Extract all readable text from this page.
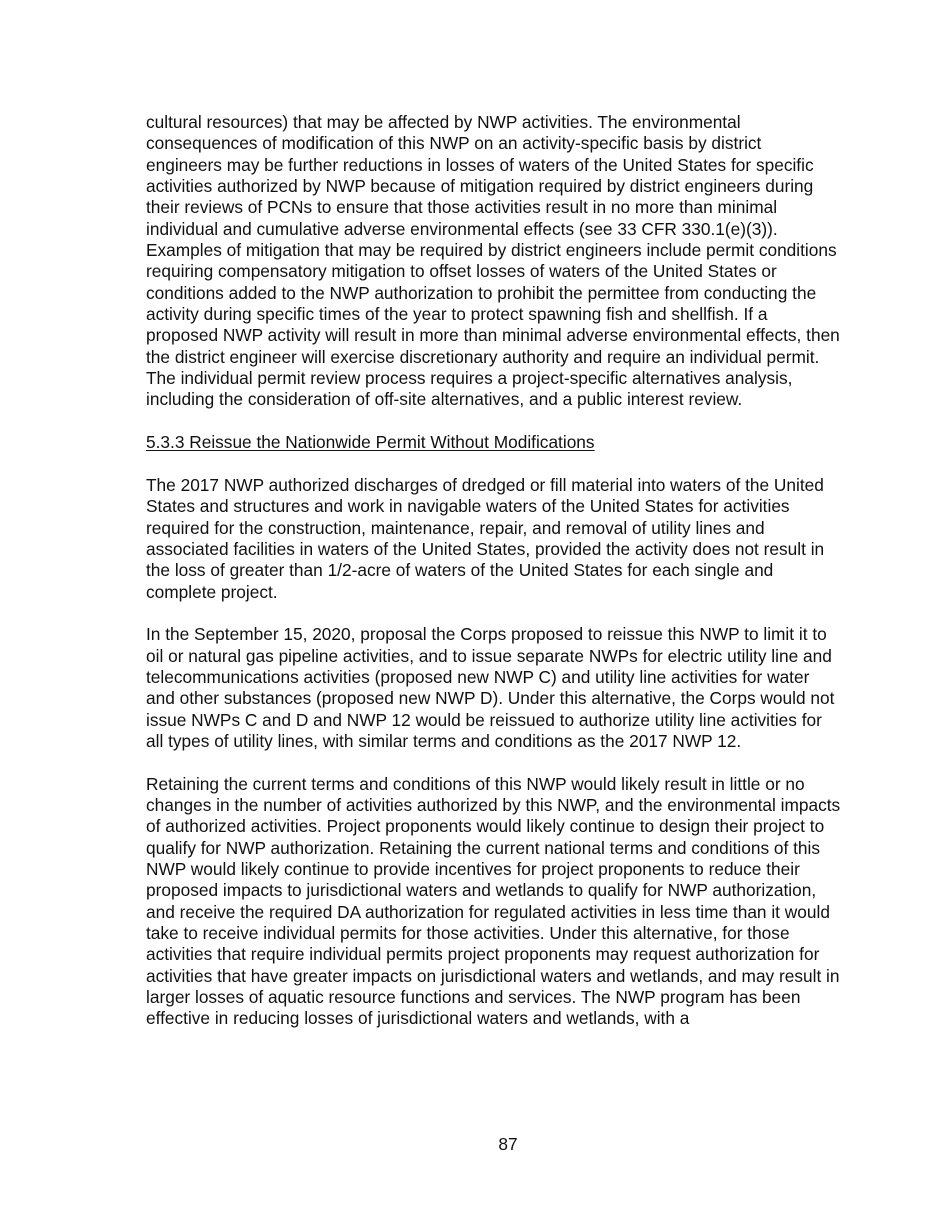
cultural resources) that may be affected by NWP activities. The environmental consequences of modification of this NWP on an activity-specific basis by district engineers may be further reductions in losses of waters of the United States for specific activities authorized by NWP because of mitigation required by district engineers during their reviews of PCNs to ensure that those activities result in no more than minimal individual and cumulative adverse environmental effects (see 33 CFR 330.1(e)(3)). Examples of mitigation that may be required by district engineers include permit conditions requiring compensatory mitigation to offset losses of waters of the United States or conditions added to the NWP authorization to prohibit the permittee from conducting the activity during specific times of the year to protect spawning fish and shellfish. If a proposed NWP activity will result in more than minimal adverse environmental effects, then the district engineer will exercise discretionary authority and require an individual permit. The individual permit review process requires a project-specific alternatives analysis, including the consideration of off-site alternatives, and a public interest review.

5.3.3 Reissue the Nationwide Permit Without Modifications

The 2017 NWP authorized discharges of dredged or fill material into waters of the United States and structures and work in navigable waters of the United States for activities required for the construction, maintenance, repair, and removal of utility lines and associated facilities in waters of the United States, provided the activity does not result in the loss of greater than 1/2-acre of waters of the United States for each single and complete project.

In the September 15, 2020, proposal the Corps proposed to reissue this NWP to limit it to oil or natural gas pipeline activities, and to issue separate NWPs for electric utility line and telecommunications activities (proposed new NWP C) and utility line activities for water and other substances (proposed new NWP D). Under this alternative, the Corps would not issue NWPs C and D and NWP 12 would be reissued to authorize utility line activities for all types of utility lines, with similar terms and conditions as the 2017 NWP 12.

Retaining the current terms and conditions of this NWP would likely result in little or no changes in the number of activities authorized by this NWP, and the environmental impacts of authorized activities. Project proponents would likely continue to design their project to qualify for NWP authorization. Retaining the current national terms and conditions of this NWP would likely continue to provide incentives for project proponents to reduce their proposed impacts to jurisdictional waters and wetlands to qualify for NWP authorization, and receive the required DA authorization for regulated activities in less time than it would take to receive individual permits for those activities. Under this alternative, for those activities that require individual permits project proponents may request authorization for activities that have greater impacts on jurisdictional waters and wetlands, and may result in larger losses of aquatic resource functions and services. The NWP program has been effective in reducing losses of jurisdictional waters and wetlands, with a

87
